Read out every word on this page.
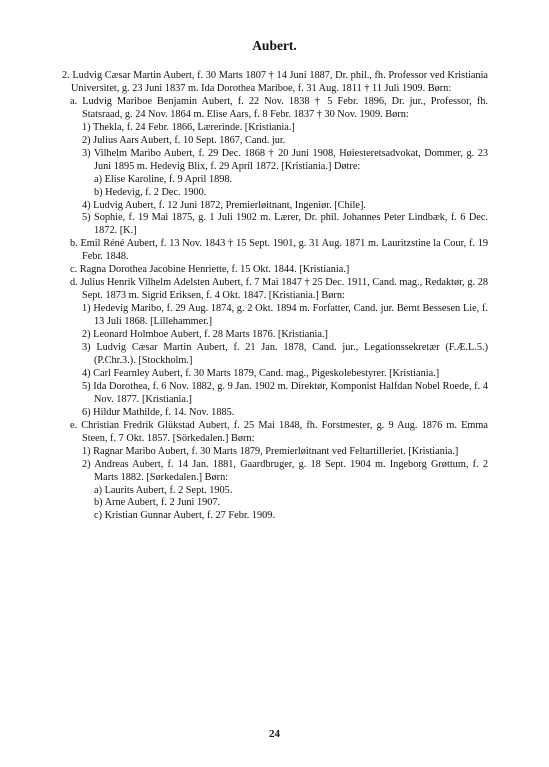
Aubert.
2. Ludvig Cæsar Martin Aubert, f. 30 Marts 1807 † 14 Juni 1887, Dr. phil., fh. Professor ved Kristiania Universitet, g. 23 Juni 1837 m. Ida Dorothea Mariboe, f. 31 Aug. 1811 † 11 Juli 1909. Børn:
a. Ludvig Mariboe Benjamin Aubert, f. 22 Nov. 1838 † 5 Febr. 1896, Dr. jur., Professor, fh. Statsraad, g. 24 Nov. 1864 m. Elise Aars, f. 8 Febr. 1837 † 30 Nov. 1909. Børn:
1) Thekla, f. 24 Febr. 1866, Lærerinde. [Kristiania.]
2) Julius Aars Aubert, f. 10 Sept. 1867, Cand. jur.
3) Vilhelm Maribo Aubert, f. 29 Dec. 1868 † 20 Juni 1908, Høiesteretsadvokat, Dommer, g. 23 Juni 1895 m. Hedevig Blix, f. 29 April 1872. [Kristiania.] Døtre:
a) Elise Karoline, f. 9 April 1898.
b) Hedevig, f. 2 Dec. 1900.
4) Ludvig Aubert, f. 12 Juni 1872, Premierløitnant, Ingeniør. [Chile].
5) Sophie, f. 19 Mai 1875, g. 1 Juli 1902 m. Lærer, Dr. phil. Johannes Peter Lindbæk, f. 6 Dec. 1872. [K.]
b. Emil Réné Aubert, f. 13 Nov. 1843 † 15 Sept. 1901, g. 31 Aug. 1871 m. Lauritzstine la Cour, f. 19 Febr. 1848.
c. Ragna Dorothea Jacobine Henriette, f. 15 Okt. 1844. [Kristiania.]
d. Julius Henrik Vilhelm Adelsten Aubert, f. 7 Mai 1847 † 25 Dec. 1911, Cand. mag., Redaktør, g. 28 Sept. 1873 m. Sigrid Eriksen, f. 4 Okt. 1847. [Kristiania.] Børn:
1) Hedevig Maribo, f. 29 Aug. 1874, g. 2 Okt. 1894 m. Forfatter, Cand. jur. Bernt Bessesen Lie, f. 13 Juli 1868. [Lillehammer.]
2) Leonard Holmboe Aubert, f. 28 Marts 1876. [Kristiania.]
3) Ludvig Cæsar Martin Aubert, f. 21 Jan. 1878, Cand. jur., Legationssekretær (F.Æ.L.5.) (P.Chr.3.). [Stockholm.]
4) Carl Fearnley Aubert, f. 30 Marts 1879, Cand. mag., Pigeskolebestyrer. [Kristiania.]
5) Ida Dorothea, f. 6 Nov. 1882, g. 9 Jan. 1902 m. Direktør, Komponist Halfdan Nobel Roede, f. 4 Nov. 1877. [Kristiania.]
6) Hildur Mathilde, f. 14. Nov. 1885.
e. Christian Fredrik Glükstad Aubert, f. 25 Mai 1848, fh. Forstmester, g. 9 Aug. 1876 m. Emma Steen, f. 7 Okt. 1857. [Sörkedalen.] Børn:
1) Ragnar Maribo Aubert, f. 30 Marts 1879, Premierløitnant ved Feltartilleriet. [Kristiania.]
2) Andreas Aubert, f. 14 Jan. 1881, Gaardbruger, g. 18 Sept. 1904 m. Ingeborg Grøttum, f. 2 Marts 1882. [Sørkedalen.] Børn:
a) Laurits Aubert, f. 2 Sept. 1905.
b) Arne Aubert, f. 2 Juni 1907.
c) Kristian Gunnar Aubert, f. 27 Febr. 1909.
24
